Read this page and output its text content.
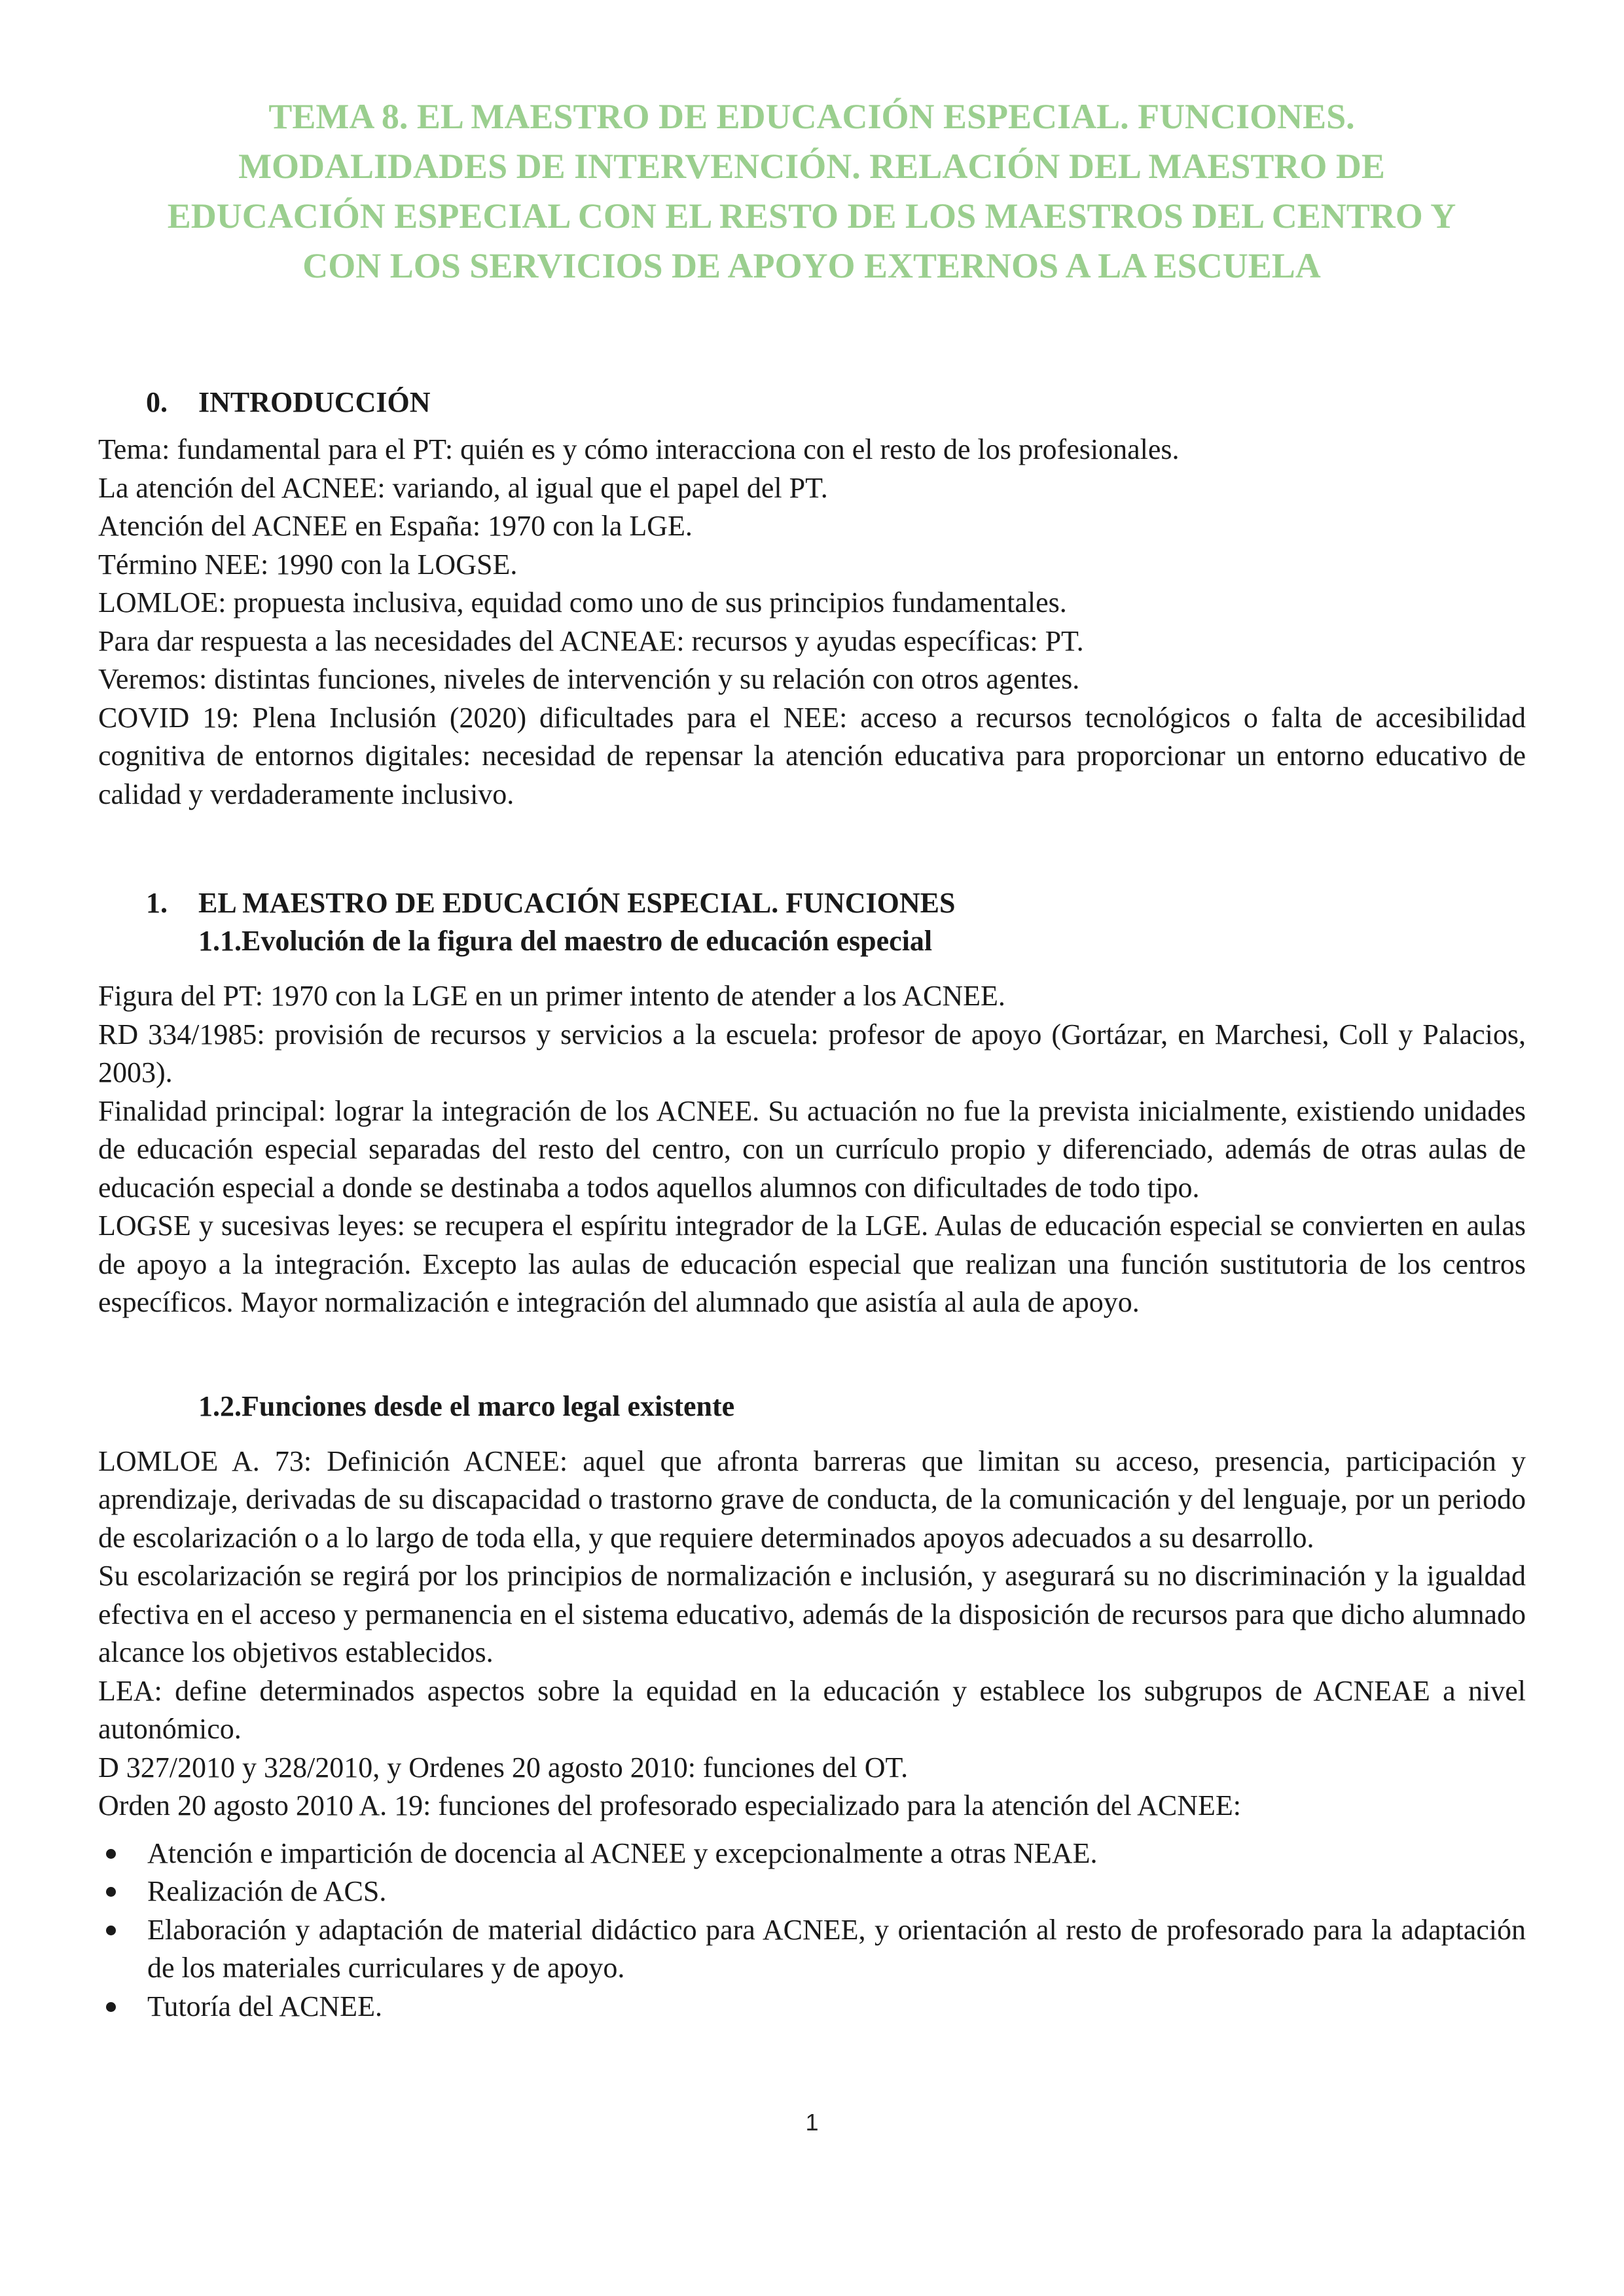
TEMA 8. EL MAESTRO DE EDUCACIÓN ESPECIAL. FUNCIONES.
MODALIDADES DE INTERVENCIÓN. RELACIÓN DEL MAESTRO DE
EDUCACIÓN ESPECIAL CON EL RESTO DE LOS MAESTROS DEL CENTRO Y
CON LOS SERVICIOS DE APOYO EXTERNOS A LA ESCUELA
0. INTRODUCCIÓN

Tema: fundamental para el PT: quién es y cómo interacciona con el resto de los profesionales.

La atención del ACNEE: variando, al igual que el papel del PT.

Atención del ACNEE en España: 1970 con la LGE.

Término NEE: 1990 con la LOGSE.

LOMLOE: propuesta inclusiva, equidad como uno de sus principios fundamentales.

Para dar respuesta a las necesidades del ACNEAE: recursos y ayudas específicas: PT.

Veremos: distintas funciones, niveles de intervención y su relación con otros agentes.

COVID 19: Plena Inclusión (2020) dificultades para el NEE: acceso a recursos tecnológicos o falta de accesibilidad cognitiva de entornos digitales: necesidad de repensar la atención educativa para proporcionar un entorno educativo de calidad y verdaderamente inclusivo.

1. EL MAESTRO DE EDUCACIÓN ESPECIAL. FUNCIONES
1.1.Evolución de la figura del maestro de educación especial

Figura del PT: 1970 con la LGE en un primer intento de atender a los ACNEE.

RD 334/1985: provisión de recursos y servicios a la escuela: profesor de apoyo (Gortázar, en Marchesi, Coll y Palacios, 2003).

Finalidad principal: lograr la integración de los ACNEE. Su actuación no fue la prevista inicialmente, existiendo unidades de educación especial separadas del resto del centro, con un currículo propio y diferenciado, además de otras aulas de educación especial a donde se destinaba a todos aquellos alumnos con dificultades de todo tipo.

LOGSE y sucesivas leyes: se recupera el espíritu integrador de la LGE. Aulas de educación especial se convierten en aulas de apoyo a la integración. Excepto las aulas de educación especial que realizan una función sustitutoria de los centros específicos. Mayor normalización e integración del alumnado que asistía al aula de apoyo.

1.2.Funciones desde el marco legal existente

LOMLOE A. 73: Definición ACNEE: aquel que afronta barreras que limitan su acceso, presencia, participación y aprendizaje, derivadas de su discapacidad o trastorno grave de conducta, de la comunicación y del lenguaje, por un periodo de escolarización o a lo largo de toda ella, y que requiere determinados apoyos adecuados a su desarrollo.

Su escolarización se regirá por los principios de normalización e inclusión, y asegurará su no discriminación y la igualdad efectiva en el acceso y permanencia en el sistema educativo, además de la disposición de recursos para que dicho alumnado alcance los objetivos establecidos.

LEA: define determinados aspectos sobre la equidad en la educación y establece los subgrupos de ACNEAE a nivel autonómico.

D 327/2010 y 328/2010, y Ordenes 20 agosto 2010: funciones del OT.

Orden 20 agosto 2010 A. 19: funciones del profesorado especializado para la atención del ACNEE:

Atención e impartición de docencia al ACNEE y excepcionalmente a otras NEAE.
Realización de ACS.
Elaboración y adaptación de material didáctico para ACNEE, y orientación al resto de profesorado para la adaptación de los materiales curriculares y de apoyo.
Tutoría del ACNEE.
1
